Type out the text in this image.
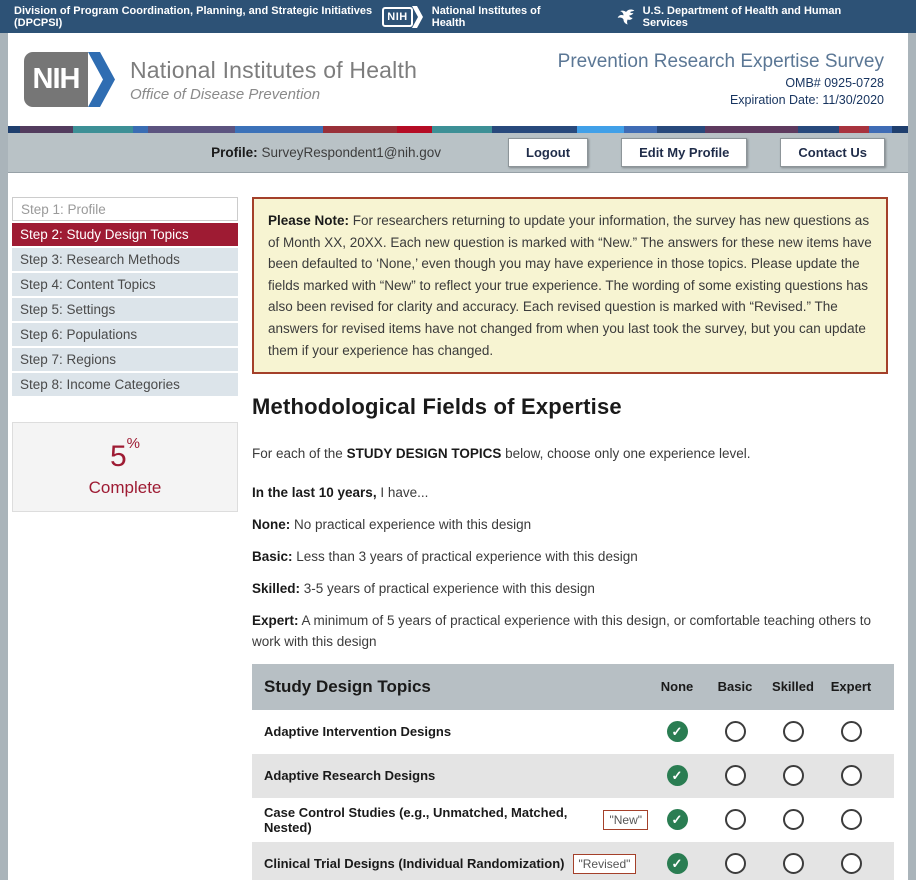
Division of Program Coordination, Planning, and Strategic Initiatives (DPCPSI)	NIH	National Institutes of Health
U.S. Department of Health and Human Services
NIH	National Institutes of Health
Office of Disease Prevention
Prevention Research Expertise Survey
OMB# 0925-0728
Expiration Date: 11/30/2020
Profile: SurveyRespondent1@nih.gov	Logout	Edit My Profile	Contact Us
Step 1: Profile
Step 2: Study Design Topics
Step 3: Research Methods
Step 4: Content Topics
Step 5: Settings
Step 6: Populations
Step 7: Regions
Step 8: Income Categories
5%
Complete
Please Note: For researchers returning to update your information, the survey has new questions as of Month XX, 20XX. Each new question is marked with “New.” The answers for these new items have been defaulted to ‘None,’ even though you may have experience in those topics. Please update the fields marked with “New” to reflect your true experience. The wording of some existing questions has also been revised for clarity and accuracy. Each revised question is marked with “Revised.” The answers for revised items have not changed from when you last took the survey, but you can update them if your experience has changed.
Methodological Fields of Expertise
For each of the STUDY DESIGN TOPICS below, choose only one experience level.

In the last 10 years, I have...

None: No practical experience with this design

Basic: Less than 3 years of practical experience with this design

Skilled: 3-5 years of practical experience with this design

Expert: A minimum of 5 years of practical experience with this design, or comfortable teaching others to work with this design

Study Design Topics	None	Basic	Skilled	Expert
Adaptive Intervention Designs	✓
Adaptive Research Designs	✓
Case Control Studies (e.g., Unmatched, Matched, Nested)	"New"	✓
Clinical Trial Designs (Individual Randomization)	"Revised"	✓
